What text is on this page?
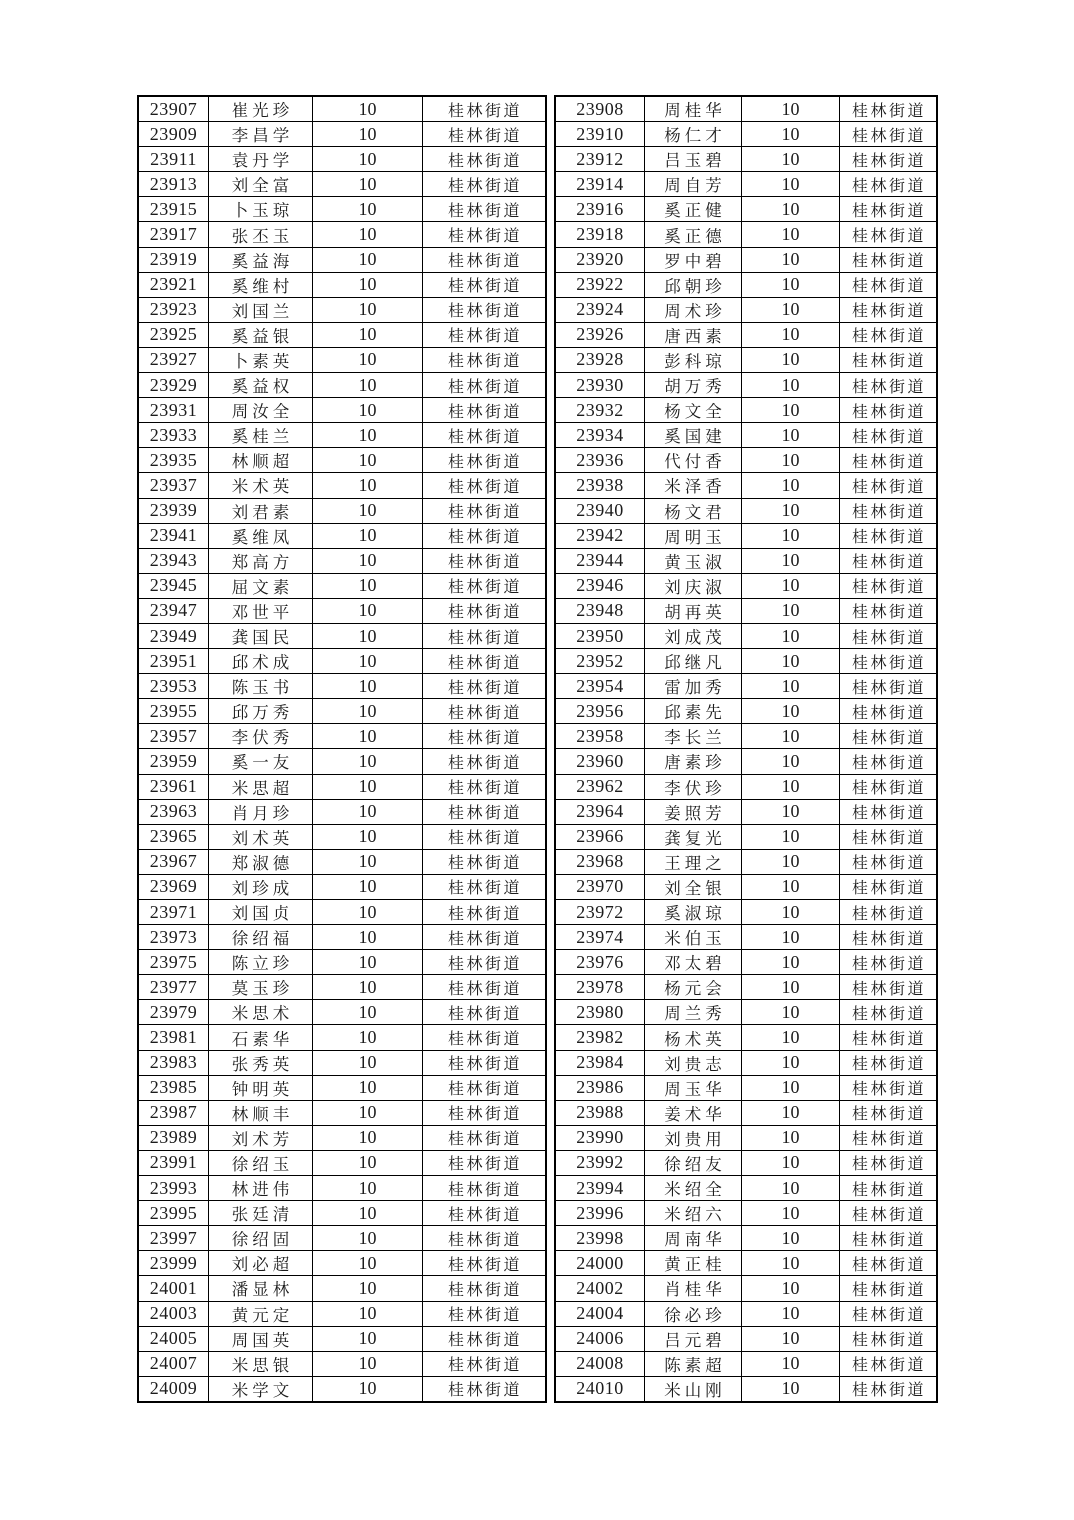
23907	崔光珍	10	桂林街道
23909	李昌学	10	桂林街道
23911	袁丹学	10	桂林街道
23913	刘全富	10	桂林街道
23915	卜玉琼	10	桂林街道
23917	张丕玉	10	桂林街道
23919	奚益海	10	桂林街道
23921	奚维村	10	桂林街道
23923	刘国兰	10	桂林街道
23925	奚益银	10	桂林街道
23927	卜素英	10	桂林街道
23929	奚益权	10	桂林街道
23931	周汝全	10	桂林街道
23933	奚桂兰	10	桂林街道
23935	林顺超	10	桂林街道
23937	米术英	10	桂林街道
23939	刘君素	10	桂林街道
23941	奚维凤	10	桂林街道
23943	郑高方	10	桂林街道
23945	屈文素	10	桂林街道
23947	邓世平	10	桂林街道
23949	龚国民	10	桂林街道
23951	邱术成	10	桂林街道
23953	陈玉书	10	桂林街道
23955	邱万秀	10	桂林街道
23957	李伏秀	10	桂林街道
23959	奚一友	10	桂林街道
23961	米思超	10	桂林街道
23963	肖月珍	10	桂林街道
23965	刘术英	10	桂林街道
23967	郑淑德	10	桂林街道
23969	刘珍成	10	桂林街道
23971	刘国贞	10	桂林街道
23973	徐绍福	10	桂林街道
23975	陈立珍	10	桂林街道
23977	莫玉珍	10	桂林街道
23979	米思术	10	桂林街道
23981	石素华	10	桂林街道
23983	张秀英	10	桂林街道
23985	钟明英	10	桂林街道
23987	林顺丰	10	桂林街道
23989	刘术芳	10	桂林街道
23991	徐绍玉	10	桂林街道
23993	林进伟	10	桂林街道
23995	张廷清	10	桂林街道
23997	徐绍固	10	桂林街道
23999	刘必超	10	桂林街道
24001	潘显林	10	桂林街道
24003	黄元定	10	桂林街道
24005	周国英	10	桂林街道
24007	米思银	10	桂林街道
24009	米学文	10	桂林街道
23908	周桂华	10	桂林街道
23910	杨仁才	10	桂林街道
23912	吕玉碧	10	桂林街道
23914	周自芳	10	桂林街道
23916	奚正健	10	桂林街道
23918	奚正德	10	桂林街道
23920	罗中碧	10	桂林街道
23922	邱朝珍	10	桂林街道
23924	周术珍	10	桂林街道
23926	唐西素	10	桂林街道
23928	彭科琼	10	桂林街道
23930	胡万秀	10	桂林街道
23932	杨文全	10	桂林街道
23934	奚国建	10	桂林街道
23936	代付香	10	桂林街道
23938	米泽香	10	桂林街道
23940	杨文君	10	桂林街道
23942	周明玉	10	桂林街道
23944	黄玉淑	10	桂林街道
23946	刘庆淑	10	桂林街道
23948	胡再英	10	桂林街道
23950	刘成茂	10	桂林街道
23952	邱继凡	10	桂林街道
23954	雷加秀	10	桂林街道
23956	邱素先	10	桂林街道
23958	李长兰	10	桂林街道
23960	唐素珍	10	桂林街道
23962	李伏珍	10	桂林街道
23964	姜照芳	10	桂林街道
23966	龚复光	10	桂林街道
23968	王理之	10	桂林街道
23970	刘全银	10	桂林街道
23972	奚淑琼	10	桂林街道
23974	米伯玉	10	桂林街道
23976	邓太碧	10	桂林街道
23978	杨元会	10	桂林街道
23980	周兰秀	10	桂林街道
23982	杨术英	10	桂林街道
23984	刘贵志	10	桂林街道
23986	周玉华	10	桂林街道
23988	姜术华	10	桂林街道
23990	刘贵用	10	桂林街道
23992	徐绍友	10	桂林街道
23994	米绍全	10	桂林街道
23996	米绍六	10	桂林街道
23998	周南华	10	桂林街道
24000	黄正桂	10	桂林街道
24002	肖桂华	10	桂林街道
24004	徐必珍	10	桂林街道
24006	吕元碧	10	桂林街道
24008	陈素超	10	桂林街道
24010	米山刚	10	桂林街道
